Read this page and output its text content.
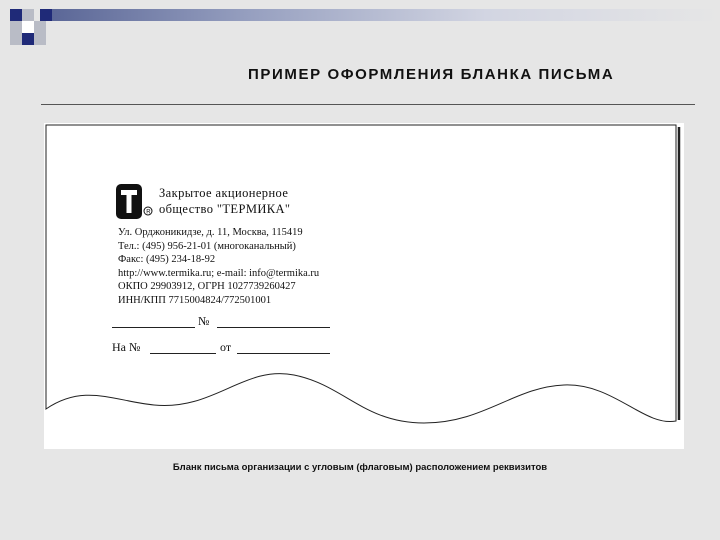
ПРИМЕР ОФОРМЛЕНИЯ БЛАНКА ПИСЬМА
R
Закрытое акционерное
общество "ТЕРМИКА"
Ул. Орджоникидзе, д. 11, Москва, 115419
Тел.: (495) 956-21-01 (многоканальный)
Факс: (495) 234-18-92
http://www.termika.ru; e-mail: info@termika.ru
ОКПО 29903912, ОГРН 1027739260427
ИНН/КПП 7715004824/772501001
№
На №	от
Бланк письма организации с угловым (флаговым) расположением реквизитов
